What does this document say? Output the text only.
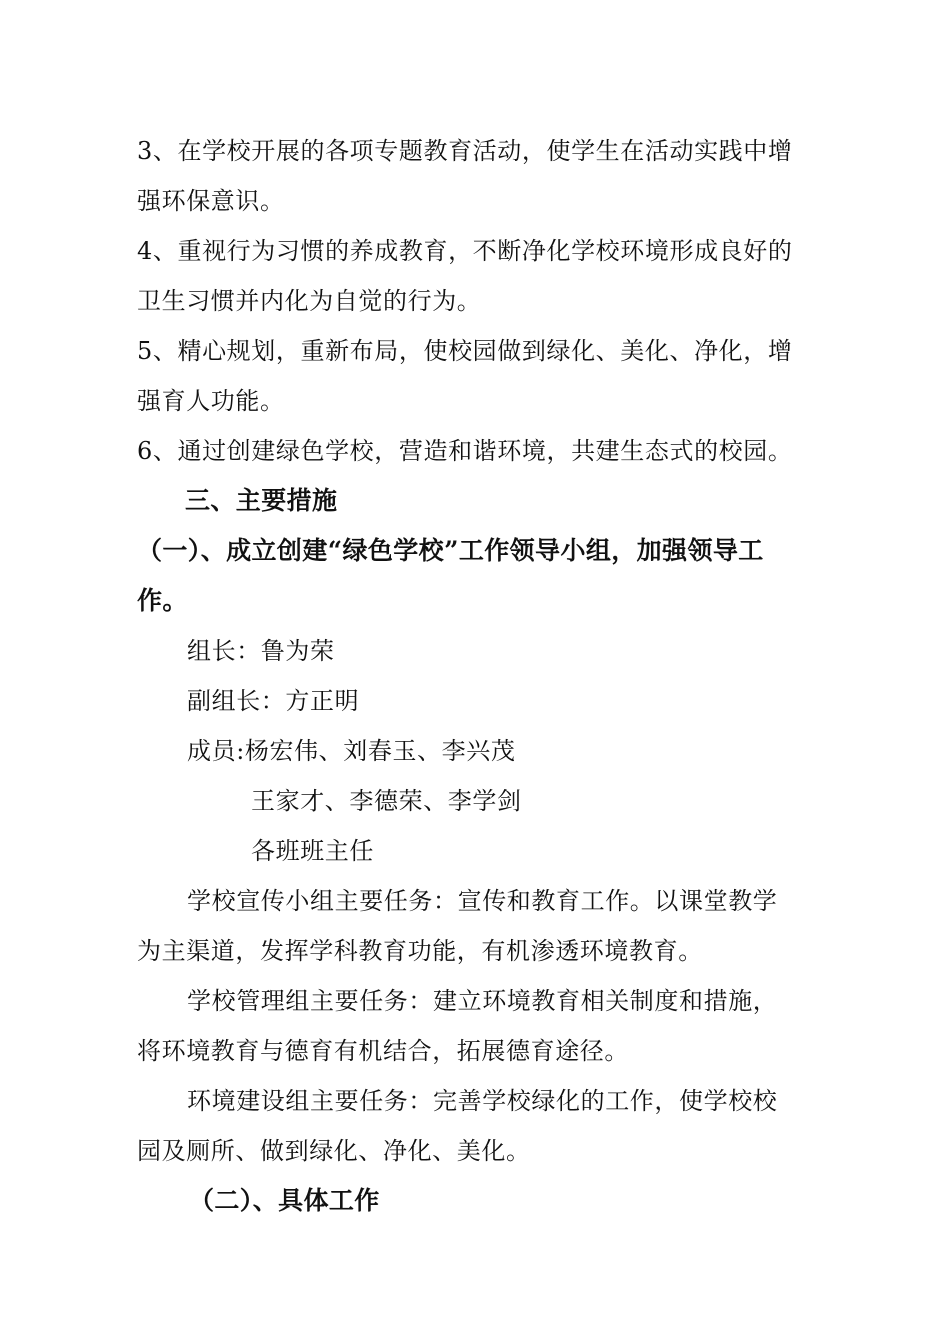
3、在学校开展的各项专题教育活动，使学生在活动实践中增
强环保意识。
4、重视行为习惯的养成教育，不断净化学校环境形成良好的
卫生习惯并内化为自觉的行为。
5、精心规划，重新布局，使校园做到绿化、美化、净化，增
强育人功能。
6、通过创建绿色学校，营造和谐环境，共建生态式的校园。
三、主要措施
（一）、成立创建“绿色学校”工作领导小组，加强领导工
作。
组长：鲁为荣
副组长：方正明
成员:杨宏伟、刘春玉、李兴茂
王家才、李德荣、李学剑
各班班主任
学校宣传小组主要任务：宣传和教育工作。以课堂教学
为主渠道，发挥学科教育功能，有机渗透环境教育。
学校管理组主要任务：建立环境教育相关制度和措施，
将环境教育与德育有机结合，拓展德育途径。
环境建设组主要任务：完善学校绿化的工作，使学校校
园及厕所、做到绿化、净化、美化。
（二）、具体工作
